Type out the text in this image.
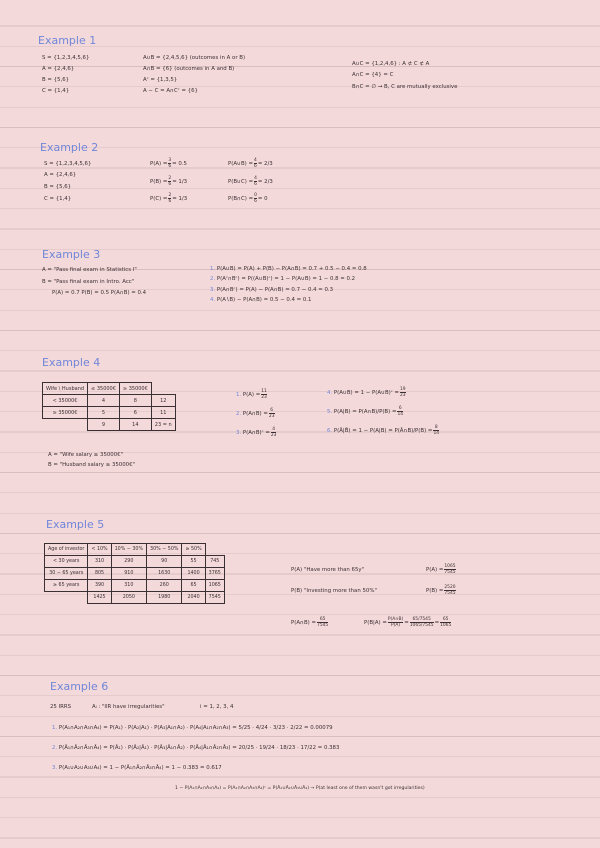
Example 1
S = {1,2,3,4,5,6}
A = {2,4,6}
B = {5,6}
C = {1,4}
A∪B = {2,4,5,6} (outcomes in A or B)
A∩B = {6} (outcomes in A and B)
Aᶜ = {1,3,5}
A − C = A∩Cᶜ = {6}
A∪C = {1,2,4,6} : A ⊄ C ⊄ A
A∩C = {4} = C
B∩C = ∅ → B, C are mutually exclusive
Example 2
S = {1,2,3,4,5,6}
A = {2,4,6}
B = {5,6}
C = {1,4}
$P(A) = \frac{3}{6} = 0.5$
$P(B) = \frac{2}{6} = 1/3$
$P(C) = \frac{2}{6} = 1/3$
P(A∪B) = $\frac{4}{6} = 2/3$
P(B∪C) = $\frac{4}{6} = 2/3$
P(B∩C) = $\frac{0}{6} = 0$
Example 3
A = "Pass final exam in Statistics I"
B = "Pass final exam in Intro. Acc"
P(A) = 0.7 P(B) = 0.5 P(A∩B) = 0.4
1. P(A∪B) = P(A) + P(B) − P(A∩B) = 0.7 + 0.5 − 0.4 = 0.8
2. P(Aᶜ∩Bᶜ) = P((A∪B)ᶜ) = 1 − P(A∪B) = 1 − 0.8 = 0.2
3. P(A∩Bᶜ) = P(A) − P(A∩B) = 0.7 − 0.4 = 0.3
4. P(A∖B) − P(A∩B) = 0.5 − 0.4 = 0.1
Example 4
Wife \ Husband	≤ 35000€	≥ 35000€	
< 35000€	4	8	12
≥ 35000€	5	6	11
	9	14	23 = n
A = "Wife salary ≥ 35000€"
B = "Husband salary ≥ 35000€"
1. $P(A) = \frac{11}{23}$
2. P(A∩B) = $\frac{6}{23}$
3. P(A∩B)ᶜ = $\frac{4}{23}$
4. P(A∪B) = 1 − P(A∪B)ᶜ = $\frac{19}{23}$
5. P(A|B) = P(A∩B)/P(B) = $\frac{6}{14}$
6. P(Ā|B̄) = 1 − P(A|B) = P(Ā∩B)/P(B) = $\frac{8}{14}$
Example 5
Age of investor	< 10%	10% − 30%	30% − 50%	≥ 50%	
< 30 years	310	290	90	55	745
30 − 65 years	805	910	1630	1400	3765
≥ 65 years	390	310	260	65	1065
	1425	2050	1980	2040	7545
P(A) "Have more than 65y"
P(B) "Investing more than 50%"
$P(A) = \frac{1065}{7545}$
$P(B) = \frac{2520}{7545}$
P(A∩B) = $\frac{65}{7545}$	$P(B|A) = \frac{P(A\cap B)}{P(A)} = \frac{65/7545}{1065/7545} = \frac{65}{1065}$
Example 6
25 IRRS	Aᵢ : "IIR have irregularities"	i = 1, 2, 3, 4
1. P(A₁∩A₂∩A₃∩A₄) = P(A₁) · P(A₂|A₁) · P(A₃|A₁∩A₂) · P(A₄|A₁∩A₂∩A₃) = 5/25 · 4/24 · 3/23 · 2/22 = 0.00079
2. P(Ā₁∩Ā₂∩Ā₃∩Ā₄) = P(Ā₁) · P(Ā₂|Ā₁) · P(Ā₃|Ā₁∩Ā₂) · P(Ā₄|Ā₁∩Ā₂∩Ā₃) = 20/25 · 19/24 · 18/23 · 17/22 = 0.383
3. P(A₁∪A₂∪A₃∪A₄) = 1 − P(Ā₁∩Ā₂∩Ā₃∩Ā₄) = 1 − 0.383 = 0.617
1 − P(A₁∩A₂∩A₃∩A₄) = P(A₁∩A₂∩A₃∩A₄)ᶜ = P(Ā₁∪Ā₂∪Ā₃∪Ā₄) → P(at least one of them wasn't got irregularities)
